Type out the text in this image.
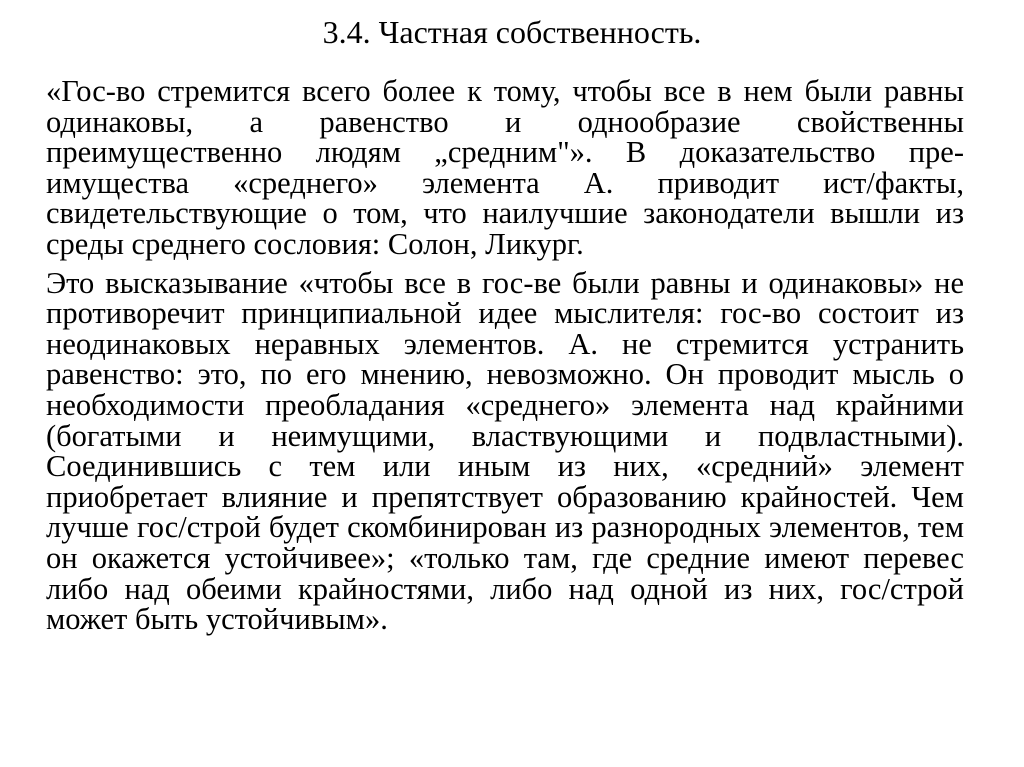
3.4. Частная собственность.

«Гос-во стремится всего более к тому, чтобы все в нем были равны одинаковы, а равенство и однообразие свойственны преимущественно людям „средним"». В доказательство пре-имущества «среднего» элемента А. приводит ист/факты, свидетельствующие о том, что наилучшие законодатели вышли из среды среднего сословия: Солон, Ликург.

Это высказывание «чтобы все в гос-ве были равны и одинаковы» не противоречит принципиальной идее мыслителя: гос-во состоит из неодинаковых неравных элементов. А. не стремится устранить равенство: это, по его мнению, невозможно. Он проводит мысль о необходимости преобладания «среднего» элемента над крайними (богатыми и неимущими, властвующими и подвластными). Соединившись с тем или иным из них, «средний» элемент приобретает влияние и препятствует образованию крайностей. Чем лучше гос/строй будет скомбинирован из разнородных элементов, тем он окажется устойчивее»; «только там, где средние имеют перевес либо над обеими крайностями, либо над одной из них, гос/строй может быть устойчивым».
